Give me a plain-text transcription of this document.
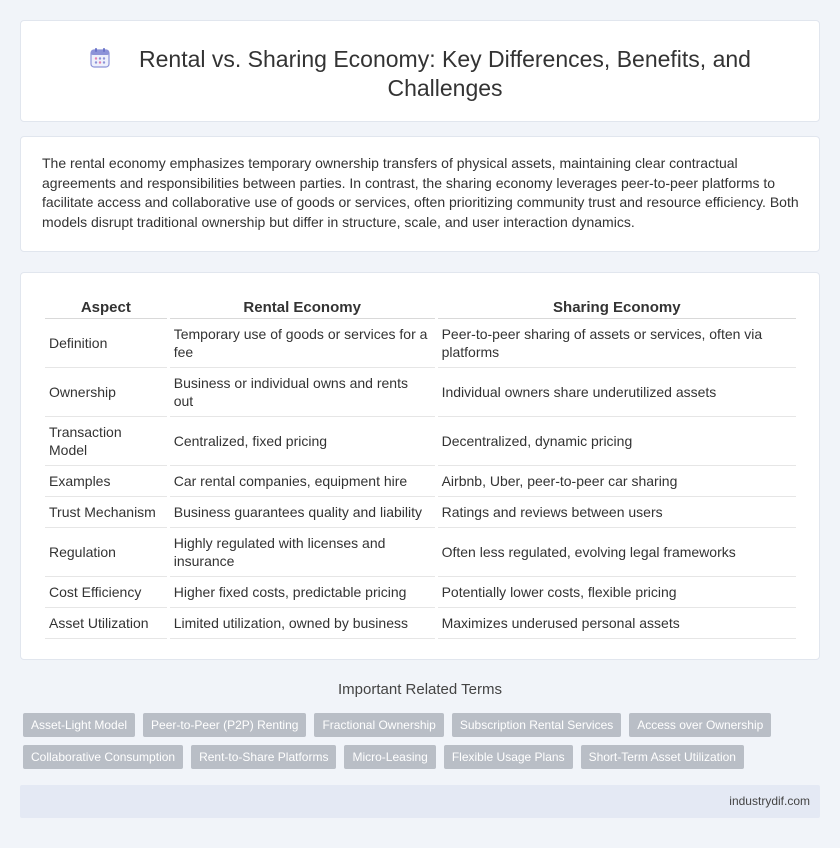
Rental vs. Sharing Economy: Key Differences, Benefits, and Challenges

The rental economy emphasizes temporary ownership transfers of physical assets, maintaining clear contractual agreements and responsibilities between parties. In contrast, the sharing economy leverages peer-to-peer platforms to facilitate access and collaborative use of goods or services, often prioritizing community trust and resource efficiency. Both models disrupt traditional ownership but differ in structure, scale, and user interaction dynamics.

Aspect	Rental Economy	Sharing Economy
Definition	Temporary use of goods or services for a fee	Peer-to-peer sharing of assets or services, often via platforms
Ownership	Business or individual owns and rents out	Individual owners share underutilized assets
Transaction Model	Centralized, fixed pricing	Decentralized, dynamic pricing
Examples	Car rental companies, equipment hire	Airbnb, Uber, peer-to-peer car sharing
Trust Mechanism	Business guarantees quality and liability	Ratings and reviews between users
Regulation	Highly regulated with licenses and insurance	Often less regulated, evolving legal frameworks
Cost Efficiency	Higher fixed costs, predictable pricing	Potentially lower costs, flexible pricing
Asset Utilization	Limited utilization, owned by business	Maximizes underused personal assets
Important Related Terms
Asset-Light Model	Peer-to-Peer (P2P) Renting	Fractional Ownership	Subscription Rental Services	Access over Ownership
Collaborative Consumption	Rent-to-Share Platforms	Micro-Leasing	Flexible Usage Plans	Short-Term Asset Utilization
industrydif.com
